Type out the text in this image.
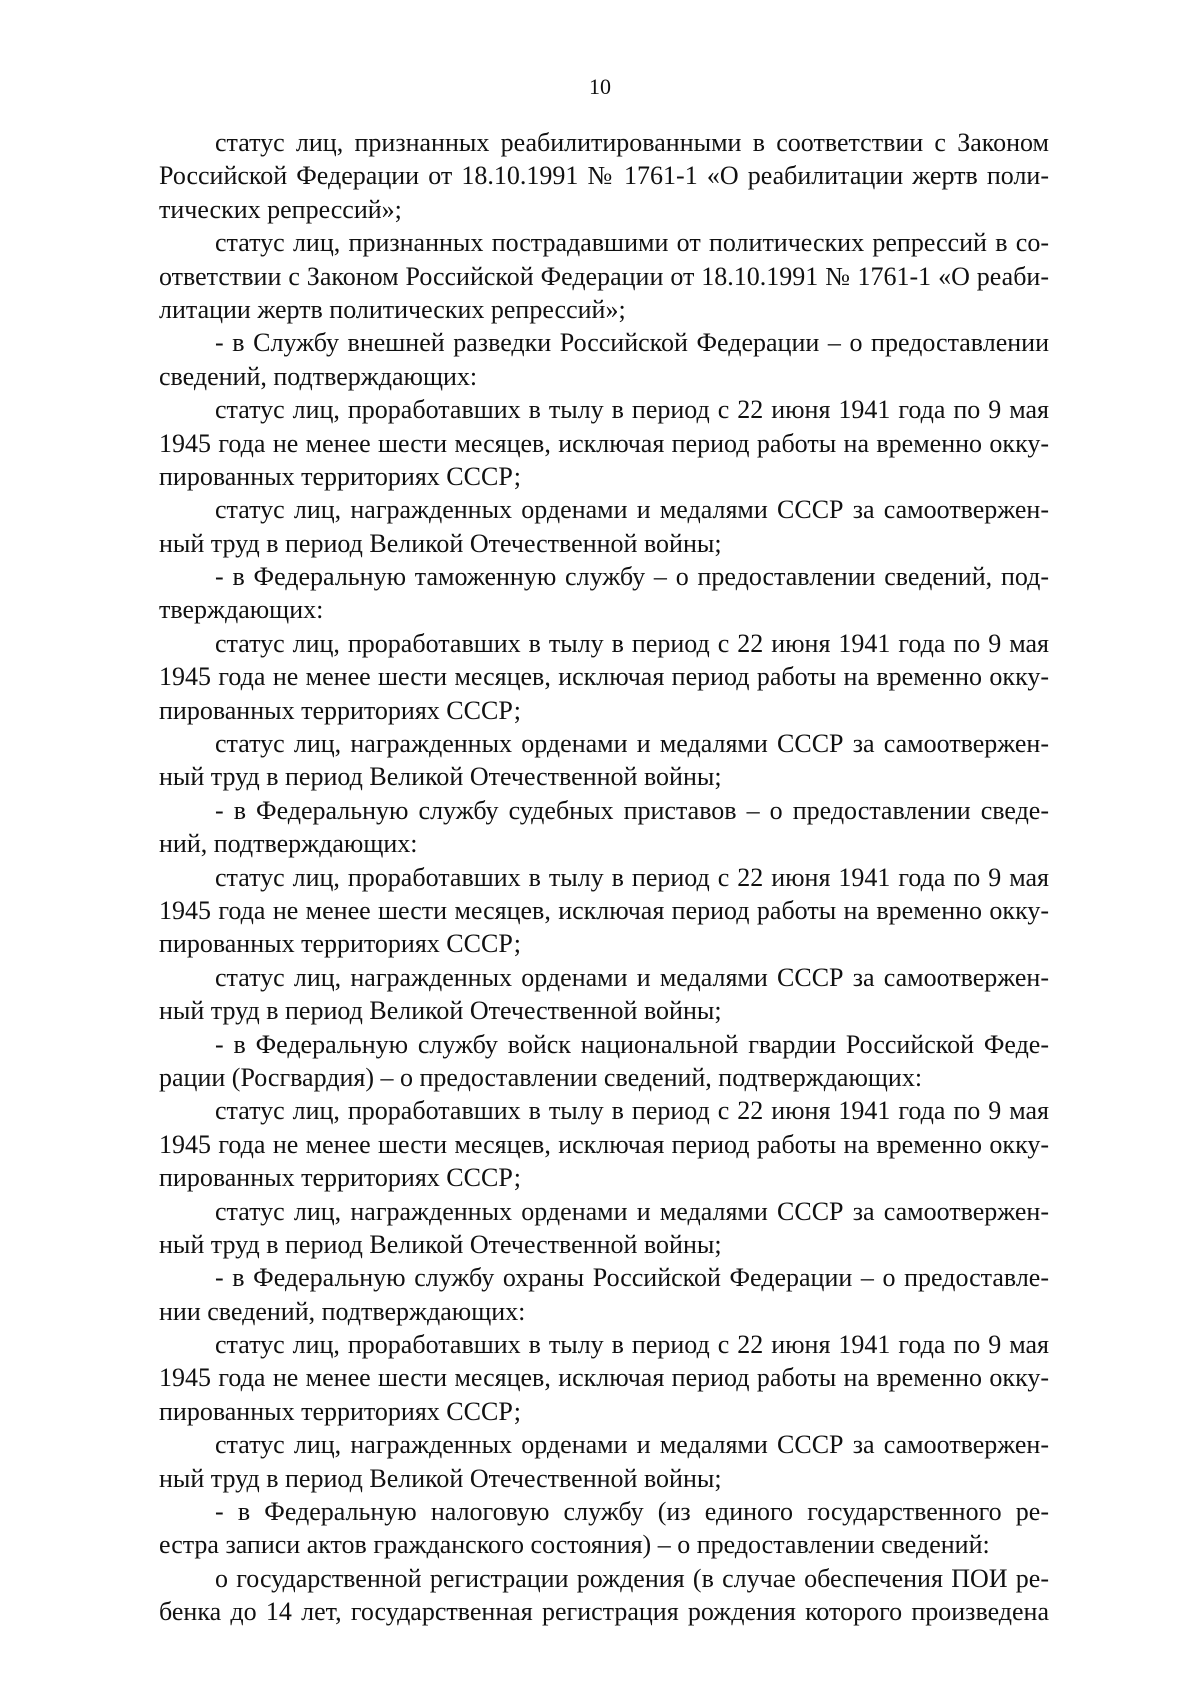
10
статус лиц, признанных реабилитированными в соответствии с Законом
Российской Федерации от 18.10.1991 № 1761-1 «О реабилитации жертв поли-
тических репрессий»;
статус лиц, признанных пострадавшими от политических репрессий в со-
ответствии с Законом Российской Федерации от 18.10.1991 № 1761-1 «О реаби-
литации жертв политических репрессий»;
- в Службу внешней разведки Российской Федерации – о предоставлении
сведений, подтверждающих:
статус лиц, проработавших в тылу в период с 22 июня 1941 года по 9 мая
1945 года не менее шести месяцев, исключая период работы на временно окку-
пированных территориях СССР;
статус лиц, награжденных орденами и медалями СССР за самоотвержен-
ный труд в период Великой Отечественной войны;
- в Федеральную таможенную службу – о предоставлении сведений, под-
тверждающих:
статус лиц, проработавших в тылу в период с 22 июня 1941 года по 9 мая
1945 года не менее шести месяцев, исключая период работы на временно окку-
пированных территориях СССР;
статус лиц, награжденных орденами и медалями СССР за самоотвержен-
ный труд в период Великой Отечественной войны;
- в Федеральную службу судебных приставов – о предоставлении сведе-
ний, подтверждающих:
статус лиц, проработавших в тылу в период с 22 июня 1941 года по 9 мая
1945 года не менее шести месяцев, исключая период работы на временно окку-
пированных территориях СССР;
статус лиц, награжденных орденами и медалями СССР за самоотвержен-
ный труд в период Великой Отечественной войны;
- в Федеральную службу войск национальной гвардии Российской Феде-
рации (Росгвардия) – о предоставлении сведений, подтверждающих:
статус лиц, проработавших в тылу в период с 22 июня 1941 года по 9 мая
1945 года не менее шести месяцев, исключая период работы на временно окку-
пированных территориях СССР;
статус лиц, награжденных орденами и медалями СССР за самоотвержен-
ный труд в период Великой Отечественной войны;
- в Федеральную службу охраны Российской Федерации – о предоставле-
нии сведений, подтверждающих:
статус лиц, проработавших в тылу в период с 22 июня 1941 года по 9 мая
1945 года не менее шести месяцев, исключая период работы на временно окку-
пированных территориях СССР;
статус лиц, награжденных орденами и медалями СССР за самоотвержен-
ный труд в период Великой Отечественной войны;
- в Федеральную налоговую службу (из единого государственного ре-
естра записи актов гражданского состояния) – о предоставлении сведений:
о государственной регистрации рождения (в случае обеспечения ПОИ ре-
бенка до 14 лет, государственная регистрация рождения которого произведена
